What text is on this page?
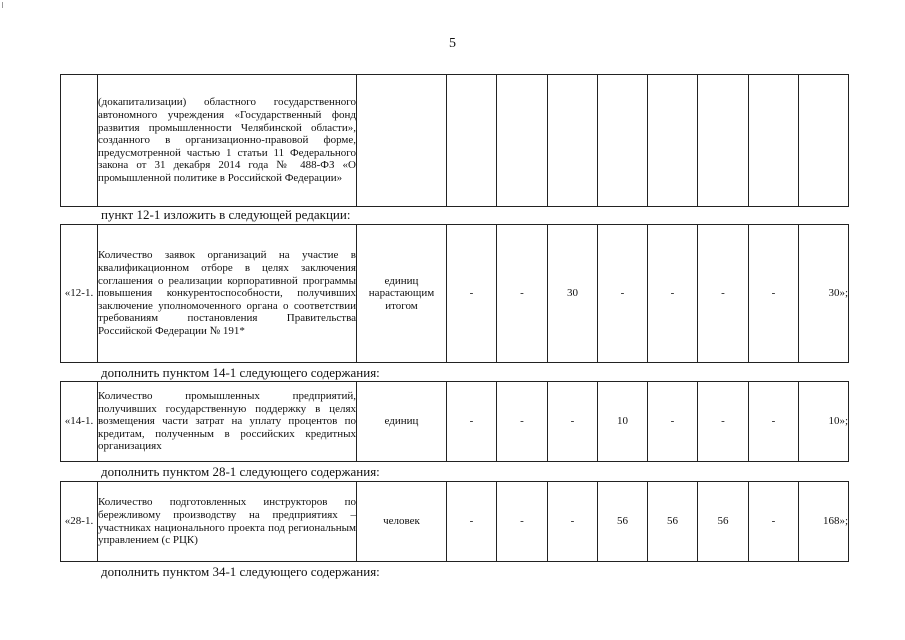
5
	(докапитализации) областного государственного автономного учреждения «Государственный фонд развития промышленности Челябинской области», созданного в организационно-правовой форме, предусмотренной частью 1 статьи 11 Федерального закона от 31 декабря 2014 года № 488-ФЗ «О промышленной политике в Российской Федерации»									
пункт 12-1 изложить в следующей редакции:
«12-1.	Количество заявок организаций на участие в квалификационном отборе в целях заключения соглашения о реализации корпоративной программы повышения конкурентоспособности, получивших заключение уполномоченного органа о соответствии требованиям постановления Правительства Российской Федерации № 191*	единиц нарастающим итогом	-	-	30	-	-	-	-	30»;
дополнить пунктом 14-1 следующего содержания:
«14-1.	Количество промышленных предприятий, получивших государственную поддержку в целях возмещения части затрат на уплату процентов по кредитам, полученным в российских кредитных организациях	единиц	-	-	-	10	-	-	-	10»;
дополнить пунктом 28-1 следующего содержания:
«28-1.	Количество подготовленных инструкторов по бережливому производству на предприятиях – участниках национального проекта под региональным управлением (с РЦК)	человек	-	-	-	56	56	56	-	168»;
дополнить пунктом 34-1 следующего содержания:
